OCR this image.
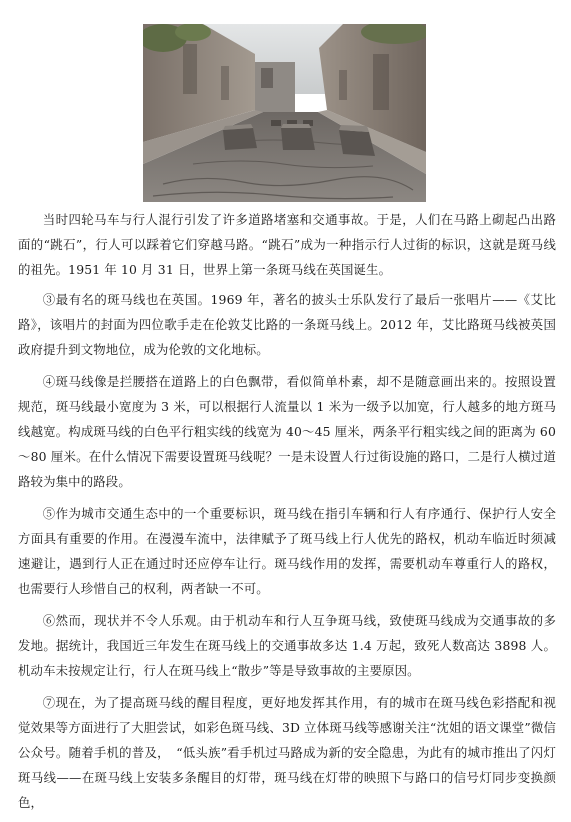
当时四轮马车与行人混行引发了许多道路堵塞和交通事故。于是，人们在马路上砌起凸出路面的“跳石”，行人可以踩着它们穿越马路。“跳石”成为一种指示行人过街的标识，这就是斑马线的祖先。1951 年 10 月 31 日，世界上第一条斑马线在英国诞生。

③最有名的斑马线也在英国。1969 年，著名的披头士乐队发行了最后一张唱片——《艾比路》，该唱片的封面为四位歌手走在伦敦艾比路的一条斑马线上。2012 年，艾比路斑马线被英国政府提升到文物地位，成为伦敦的文化地标。

④斑马线像是拦腰搭在道路上的白色飘带，看似简单朴素，却不是随意画出来的。按照设置规范，斑马线最小宽度为 3 米，可以根据行人流量以 1 米为一级予以加宽，行人越多的地方斑马线越宽。构成斑马线的白色平行粗实线的线宽为 40～45 厘米，两条平行粗实线之间的距离为 60～80 厘米。在什么情况下需要设置斑马线呢？一是未设置人行过街设施的路口，二是行人横过道路较为集中的路段。

⑤作为城市交通生态中的一个重要标识，斑马线在指引车辆和行人有序通行、保护行人安全方面具有重要的作用。在漫漫车流中，法律赋予了斑马线上行人优先的路权，机动车临近时须减速避让，遇到行人正在通过时还应停车让行。斑马线作用的发挥，需要机动车尊重行人的路权，也需要行人珍惜自己的权利，两者缺一不可。

⑥然而，现状并不令人乐观。由于机动车和行人互争斑马线，致使斑马线成为交通事故的多发地。据统计，我国近三年发生在斑马线上的交通事故多达 1.4 万起，致死人数高达 3898 人。机动车未按规定让行，行人在斑马线上“散步”等是导致事故的主要原因。

⑦现在，为了提高斑马线的醒目程度，更好地发挥其作用，有的城市在斑马线色彩搭配和视觉效果等方面进行了大胆尝试，如彩色斑马线、3D 立体斑马线等感谢关注“沈姐的语文课堂”微信公众号。随着手机的普及，　“低头族”看手机过马路成为新的安全隐患，为此有的城市推出了闪灯斑马线——在斑马线上安装多条醒目的灯带，斑马线在灯带的映照下与路口的信号灯同步变换颜色，
